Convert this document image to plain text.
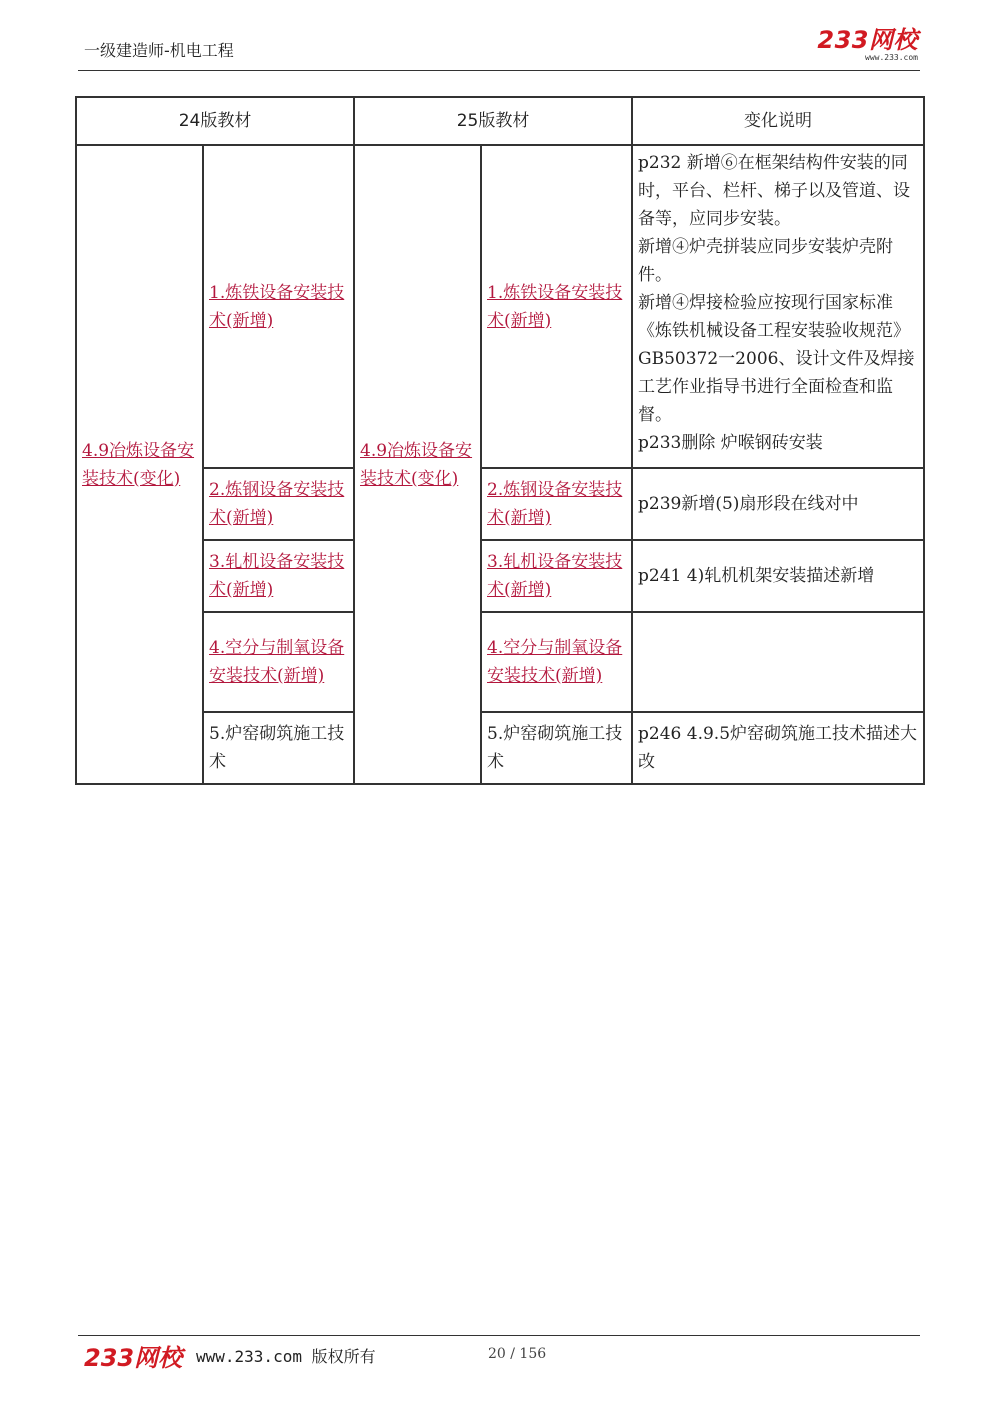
一级建造师-机电工程	233网校
www.233.com
24版教材		25版教材		变化说明
4.9冶炼设备安装技术(变化)	1.炼铁设备安装技术(新增)	4.9冶炼设备安装技术(变化)	1.炼铁设备安装技术(新增)	p232 新增⑥在框架结构件安装的同时，平台、栏杆、梯子以及管道、设备等，应同步安装。

新增④炉壳拼装应同步安装炉壳附件。

新增④焊接检验应按现行国家标准《炼铁机械设备工程安装验收规范》GB50372一2006、设计文件及焊接工艺作业指导书进行全面检查和监督。

p233删除 炉喉钢砖安装

	2.炼钢设备安装技术(新增)		2.炼钢设备安装技术(新增)	p239新增(5)扇形段在线对中

	3.轧机设备安装技术(新增)		3.轧机设备安装技术(新增)	p241 4)轧机机架安装描述新增

	4.空分与制氧设备安装技术(新增)		4.空分与制氧设备安装技术(新增)	
	5.炉窑砌筑施工技术		5.炉窑砌筑施工技术	p246 4.9.5炉窑砌筑施工技术描述大改

233网校 www.233.com 版权所有	20 / 156
